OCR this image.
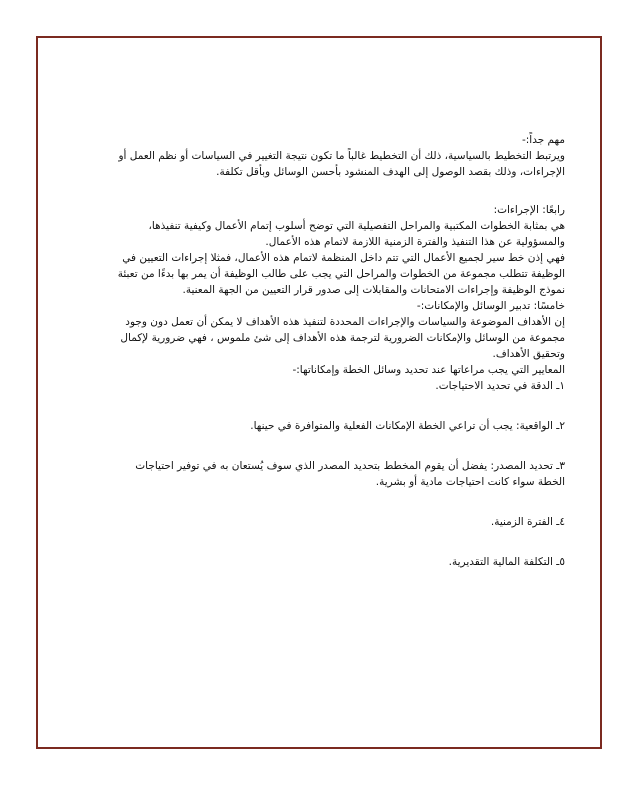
مهم جداً:-
ويرتبط التخطيط بالسياسية، ذلك أن التخطيط غالباً ما تكون نتيجة التغيير في السياسات أو نظم العمل أو
الإجراءات، وذلك بقصد الوصول إلى الهدف المنشود بأحسن الوسائل وبأقل تكلفة.
رابعًا: الإجراءات:
هي بمثابة الخطوات المكتبية والمراحل التفصيلية التي توضح أسلوب إتمام الأعمال وكيفية تنفيذها،
والمسؤولية عن هذا التنفيذ والفترة الزمنية اللازمة لاتمام هذه الأعمال.
فهي إذن خط سير لجميع الأعمال التي تتم داخل المنظمة لاتمام هذه الأعمال، فمثلا إجراءات التعيين في
الوظيفة تتطلب مجموعة من الخطوات والمراحل التي يجب على طالب الوظيفة أن يمر بها بدءًا من تعبئة
نموذج الوظيفة وإجراءات الامتحانات والمقابلات إلى صدور قرار التعيين من الجهة المعنية.
خامسًا: تدبير الوسائل والإمكانات:-
إن الأهداف الموضوعة والسياسات والإجراءات المحددة لتنفيذ هذه الأهداف لا يمكن أن تعمل دون وجود
مجموعة من الوسائل والإمكانات الضرورية لترجمة هذه الأهداف إلى شئ ملموس ، فهي ضرورية لإكمال
وتحقيق الأهداف.
المعايير التي يجب مراعاتها عند تحديد وسائل الخطة وإمكاناتها:-
١ـ الدقة في تحديد الاحتياجات.
٢ـ الواقعية: يجب أن تراعي الخطة الإمكانات الفعلية والمتوافرة في حينها.
٣ـ تحديد المصدر: يفضل أن يقوم المخطط بتحديد المصدر الذي سوف يُستعان به في توفير احتياجات
الخطة سواء كانت احتياجات مادية أو بشرية.
٤ـ الفترة الزمنية.
٥ـ التكلفة المالية التقديرية.
